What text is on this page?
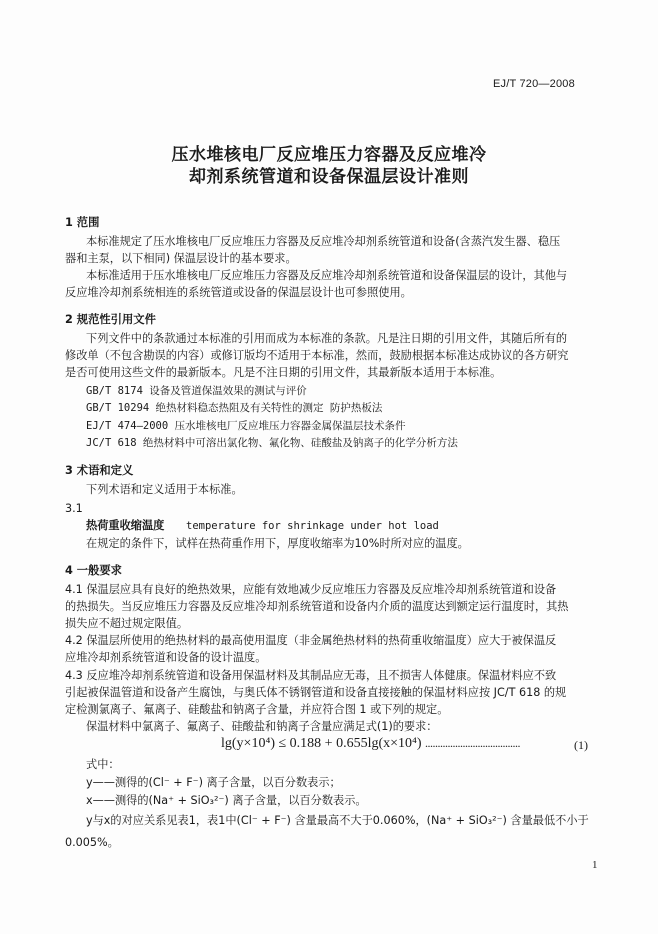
EJ/T 720—2008
压水堆核电厂反应堆压力容器及反应堆冷
却剂系统管道和设备保温层设计准则
1 范围
本标准规定了压水堆核电厂反应堆压力容器及反应堆冷却剂系统管道和设备(含蒸汽发生器、稳压
器和主泵，以下相同) 保温层设计的基本要求。
本标准适用于压水堆核电厂反应堆压力容器及反应堆冷却剂系统管道和设备保温层的设计，其他与
反应堆冷却剂系统相连的系统管道或设备的保温层设计也可参照使用。
2 规范性引用文件
下列文件中的条款通过本标准的引用而成为本标准的条款。凡是注日期的引用文件，其随后所有的
修改单（不包含勘误的内容）或修订版均不适用于本标准，然而，鼓励根据本标准达成协议的各方研究
是否可使用这些文件的最新版本。凡是不注日期的引用文件，其最新版本适用于本标准。
GB/T 8174 设备及管道保温效果的测试与评价
GB/T 10294 绝热材料稳态热阻及有关特性的测定 防护热板法
EJ/T 474—2000 压水堆核电厂反应堆压力容器金属保温层技术条件
JC/T 618 绝热材料中可溶出氯化物、氟化物、硅酸盐及钠离子的化学分析方法
3 术语和定义
下列术语和定义适用于本标准。
3.1
热荷重收缩温度 temperature for shrinkage under hot load
在规定的条件下，试样在热荷重作用下，厚度收缩率为10%时所对应的温度。
4 一般要求
4.1 保温层应具有良好的绝热效果，应能有效地减少反应堆压力容器及反应堆冷却剂系统管道和设备
的热损失。当反应堆压力容器及反应堆冷却剂系统管道和设备内介质的温度达到额定运行温度时，其热
损失应不超过规定限值。
4.2 保温层所使用的绝热材料的最高使用温度（非金属绝热材料的热荷重收缩温度）应大于被保温反
应堆冷却剂系统管道和设备的设计温度。
4.3 反应堆冷却剂系统管道和设备用保温材料及其制品应无毒，且不损害人体健康。保温材料应不致
引起被保温管道和设备产生腐蚀，与奥氏体不锈钢管道和设备直接接触的保温材料应按 JC/T 618 的规
定检测氯离子、氟离子、硅酸盐和钠离子含量，并应符合图 1 或下列的规定。
保温材料中氯离子、氟离子、硅酸盐和钠离子含量应满足式(1)的要求：
lg(y×10⁴) ≤ 0.188 + 0.655lg(x×10⁴) ......................................	(1)
式中：
y——测得的(Cl⁻ + F⁻) 离子含量，以百分数表示；
x——测得的(Na⁺ + SiO₃²⁻) 离子含量，以百分数表示。
y与x的对应关系见表1，表1中(Cl⁻ + F⁻) 含量最高不大于0.060%，(Na⁺ + SiO₃²⁻) 含量最低不小于
0.005%。
1
